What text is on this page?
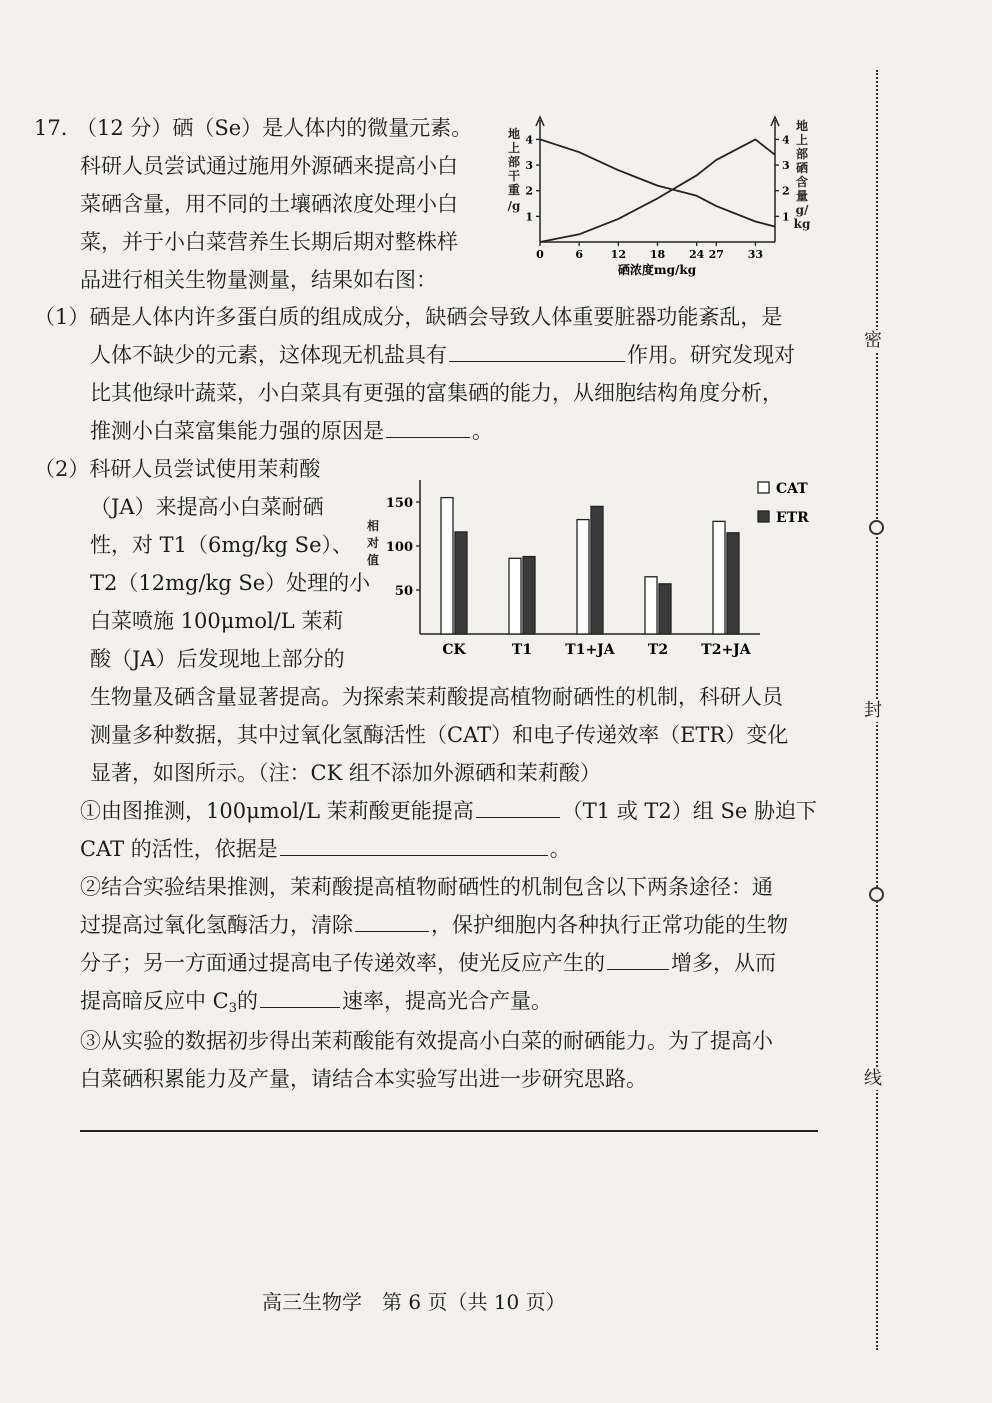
密
封
线
17. （12 分）硒（Se）是人体内的微量元素。
科研人员尝试通过施用外源硒来提高小白
菜硒含量，用不同的土壤硒浓度处理小白
菜，并于小白菜营养生长期后期对整株样
品进行相关生物量测量，结果如右图：
地
上
部
干
重
/g
地
上
部
硒
含
量
g/
kg
1
2
3
4
1
2
3
4
0	6	12 18 24 27 33
硒浓度mg/kg
（1）硒是人体内许多蛋白质的组成成分，缺硒会导致人体重要脏器功能紊乱，是
人体不缺少的元素，这体现无机盐具有	作用。研究发现对
比其他绿叶蔬菜，小白菜具有更强的富集硒的能力，从细胞结构角度分析，
推测小白菜富集能力强的原因是	。
（2）科研人员尝试使用茉莉酸
（JA）来提高小白菜耐硒
性，对 T1（6mg/kg Se）、
T2（12mg/kg Se）处理的小
白菜喷施 100μmol/L 茉莉
酸（JA）后发现地上部分的
相
对
值
50
100
150
CK	T1 T1+JA T2 T2+JA
CAT
ETR
生物量及硒含量显著提高。为探索茉莉酸提高植物耐硒性的机制，科研人员
测量多种数据，其中过氧化氢酶活性（CAT）和电子传递效率（ETR）变化
显著，如图所示。（注：CK 组不添加外源硒和茉莉酸）
①由图推测，100μmol/L 茉莉酸更能提高	（T1 或 T2）组 Se 胁迫下
CAT 的活性，依据是	。
②结合实验结果推测，茉莉酸提高植物耐硒性的机制包含以下两条途径：通
过提高过氧化氢酶活力，清除	，保护细胞内各种执行正常功能的生物
分子；另一方面通过提高电子传递效率，使光反应产生的	增多，从而
提高暗反应中 $C_3$的	速率，提高光合产量。
③从实验的数据初步得出茉莉酸能有效提高小白菜的耐硒能力。为了提高小
白菜硒积累能力及产量，请结合本实验写出进一步研究思路。
高三生物学　第 6 页（共 10 页）
